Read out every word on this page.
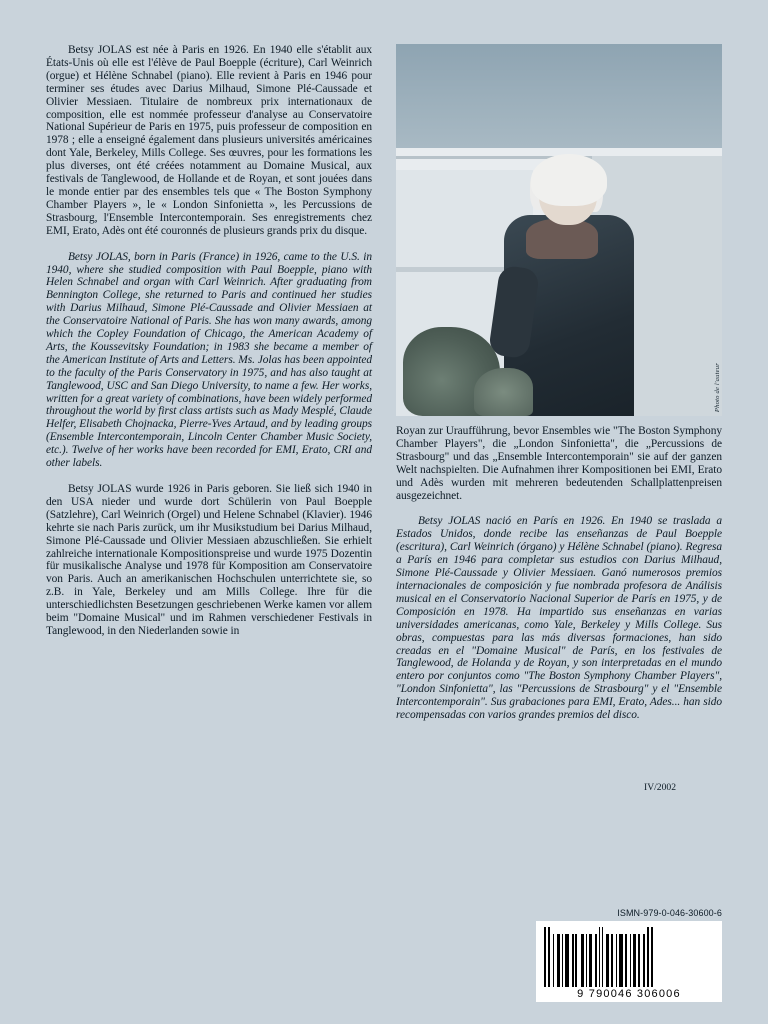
Betsy JOLAS est née à Paris en 1926. En 1940 elle s'établit aux États-Unis où elle est l'élève de Paul Boepple (écriture), Carl Weinrich (orgue) et Hélène Schnabel (piano). Elle revient à Paris en 1946 pour terminer ses études avec Darius Milhaud, Simone Plé-Caussade et Olivier Messiaen. Titulaire de nombreux prix internationaux de composition, elle est nommée professeur d'analyse au Conservatoire National Supérieur de Paris en 1975, puis professeur de composition en 1978 ; elle a enseigné également dans plusieurs universités américaines dont Yale, Berkeley, Mills College. Ses œuvres, pour les formations les plus diverses, ont été créées notamment au Domaine Musical, aux festivals de Tanglewood, de Hollande et de Royan, et sont jouées dans le monde entier par des ensembles tels que « The Boston Symphony Chamber Players », le « London Sinfonietta », les Percussions de Strasbourg, l'Ensemble Intercontemporain. Ses enregistrements chez EMI, Erato, Adès ont été couronnés de plusieurs grands prix du disque.

Betsy JOLAS, born in Paris (France) in 1926, came to the U.S. in 1940, where she studied composition with Paul Boepple, piano with Helen Schnabel and organ with Carl Weinrich. After graduating from Bennington College, she returned to Paris and continued her studies with Darius Milhaud, Simone Plé-Caussade and Olivier Messiaen at the Conservatoire National of Paris. She has won many awards, among which the Copley Foundation of Chicago, the American Academy of Arts, the Koussevitsky Foundation; in 1983 she became a member of the American Institute of Arts and Letters. Ms. Jolas has been appointed to the faculty of the Paris Conservatory in 1975, and has also taught at Tanglewood, USC and San Diego University, to name a few. Her works, written for a great variety of combinations, have been widely performed throughout the world by first class artists such as Mady Mesplé, Claude Helfer, Elisabeth Chojnacka, Pierre-Yves Artaud, and by leading groups (Ensemble Intercontemporain, Lincoln Center Chamber Music Society, etc.). Twelve of her works have been recorded for EMI, Erato, CRI and other labels.

Betsy JOLAS wurde 1926 in Paris geboren. Sie ließ sich 1940 in den USA nieder und wurde dort Schülerin von Paul Boepple (Satzlehre), Carl Weinrich (Orgel) und Helene Schnabel (Klavier). 1946 kehrte sie nach Paris zurück, um ihr Musikstudium bei Darius Milhaud, Simone Plé-Caussade und Olivier Messiaen abzuschließen. Sie erhielt zahlreiche internationale Kompositionspreise und wurde 1975 Dozentin für musikalische Analyse und 1978 für Komposition am Conservatoire von Paris. Auch an amerikanischen Hochschulen unterrichtete sie, so z.B. in Yale, Berkeley und am Mills College. Ihre für die unterschiedlichsten Besetzungen geschriebenen Werke kamen vor allem beim "Domaine Musical" und im Rahmen verschiedener Festivals in Tanglewood, in den Niederlanden sowie in

Photo de l'auteur

Royan zur Uraufführung, bevor Ensembles wie "The Boston Symphony Chamber Players", die „London Sinfonietta", die „Percussions de Strasbourg" und das „Ensemble Intercontemporain" sie auf der ganzen Welt nachspielten. Die Aufnahmen ihrer Kompositionen bei EMI, Erato und Adès wurden mit mehreren bedeutenden Schallplattenpreisen ausgezeichnet.

Betsy JOLAS nació en París en 1926. En 1940 se traslada a Estados Unidos, donde recibe las enseñanzas de Paul Boepple (escritura), Carl Weinrich (órgano) y Hélène Schnabel (piano). Regresa a París en 1946 para completar sus estudios con Darius Milhaud, Simone Plé-Caussade y Olivier Messiaen. Ganó numerosos premios internacionales de composición y fue nombrada profesora de Análisis musical en el Conservatorio Nacional Superior de París en 1975, y de Composición en 1978. Ha impartido sus enseñanzas en varias universidades americanas, como Yale, Berkeley y Mills College. Sus obras, compuestas para las más diversas formaciones, han sido creadas en el "Domaine Musical" de París, en los festivales de Tanglewood, de Holanda y de Royan, y son interpretadas en el mundo entero por conjuntos como "The Boston Symphony Chamber Players", "London Sinfonietta", las "Percussions de Strasbourg" y el "Ensemble Intercontemporain". Sus grabaciones para EMI, Erato, Ades... han sido recompensadas con varios grandes premios del disco.

IV/2002
ISMN-979-0-046-30600-6
9 790046 306006
